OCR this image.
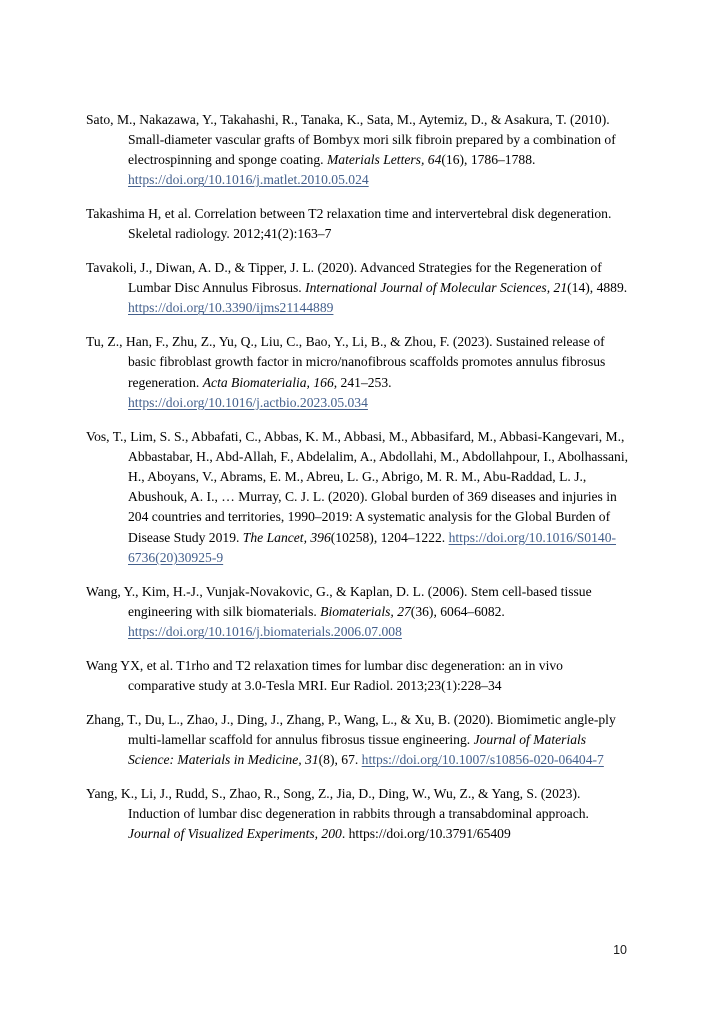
Sato, M., Nakazawa, Y., Takahashi, R., Tanaka, K., Sata, M., Aytemiz, D., & Asakura, T. (2010). Small-diameter vascular grafts of Bombyx mori silk fibroin prepared by a combination of electrospinning and sponge coating. Materials Letters, 64(16), 1786–1788. https://doi.org/10.1016/j.matlet.2010.05.024

Takashima H, et al. Correlation between T2 relaxation time and intervertebral disk degeneration. Skeletal radiology. 2012;41(2):163–7

Tavakoli, J., Diwan, A. D., & Tipper, J. L. (2020). Advanced Strategies for the Regeneration of Lumbar Disc Annulus Fibrosus. International Journal of Molecular Sciences, 21(14), 4889. https://doi.org/10.3390/ijms21144889

Tu, Z., Han, F., Zhu, Z., Yu, Q., Liu, C., Bao, Y., Li, B., & Zhou, F. (2023). Sustained release of basic fibroblast growth factor in micro/nanofibrous scaffolds promotes annulus fibrosus regeneration. Acta Biomaterialia, 166, 241–253. https://doi.org/10.1016/j.actbio.2023.05.034

Vos, T., Lim, S. S., Abbafati, C., Abbas, K. M., Abbasi, M., Abbasifard, M., Abbasi-Kangevari, M., Abbastabar, H., Abd-Allah, F., Abdelalim, A., Abdollahi, M., Abdollahpour, I., Abolhassani, H., Aboyans, V., Abrams, E. M., Abreu, L. G., Abrigo, M. R. M., Abu-Raddad, L. J., Abushouk, A. I., … Murray, C. J. L. (2020). Global burden of 369 diseases and injuries in 204 countries and territories, 1990–2019: A systematic analysis for the Global Burden of Disease Study 2019. The Lancet, 396(10258), 1204–1222. https://doi.org/10.1016/S0140-6736(20)30925-9

Wang, Y., Kim, H.-J., Vunjak-Novakovic, G., & Kaplan, D. L. (2006). Stem cell-based tissue engineering with silk biomaterials. Biomaterials, 27(36), 6064–6082. https://doi.org/10.1016/j.biomaterials.2006.07.008

Wang YX, et al. T1rho and T2 relaxation times for lumbar disc degeneration: an in vivo comparative study at 3.0-Tesla MRI. Eur Radiol. 2013;23(1):228–34

Zhang, T., Du, L., Zhao, J., Ding, J., Zhang, P., Wang, L., & Xu, B. (2020). Biomimetic angle-ply multi-lamellar scaffold for annulus fibrosus tissue engineering. Journal of Materials Science: Materials in Medicine, 31(8), 67. https://doi.org/10.1007/s10856-020-06404-7

Yang, K., Li, J., Rudd, S., Zhao, R., Song, Z., Jia, D., Ding, W., Wu, Z., & Yang, S. (2023). Induction of lumbar disc degeneration in rabbits through a transabdominal approach. Journal of Visualized Experiments, 200. https://doi.org/10.3791/65409

10
